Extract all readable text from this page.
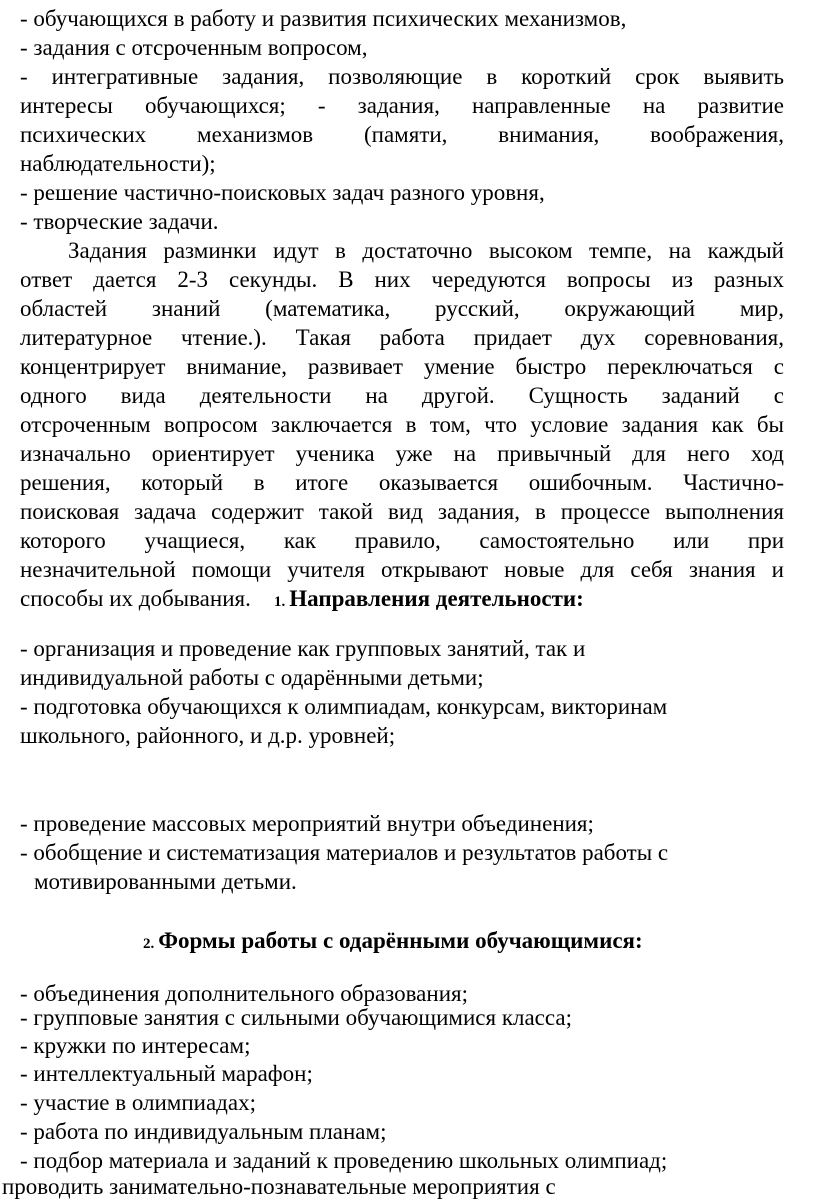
- обучающихся в работу и развития психических механизмов,
- задания с отсроченным вопросом,
- интегративные задания, позволяющие в короткий срок выявить
интересы обучающихся; - задания, направленные на развитие
психических механизмов (памяти, внимания, воображения,
наблюдательности);
- решение частично-поисковых задач разного уровня,
- творческие задачи.
Задания разминки идут в достаточно высоком темпе, на каждый
ответ дается 2-3 секунды. В них чередуются вопросы из разных
областей знаний (математика, русский, окружающий мир,
литературное чтение.). Такая работа придает дух соревнования,
концентрирует внимание, развивает умение быстро переключаться с
одного вида деятельности на другой. Сущность заданий с
отсроченным вопросом заключается в том, что условие задания как бы
изначально ориентирует ученика уже на привычный для него ход
решения, который в итоге оказывается ошибочным. Частично-
поисковая задача содержит такой вид задания, в процессе выполнения
которого учащиеся, как правило, самостоятельно или при
незначительной помощи учителя открывают новые для себя знания и
способы их добывания. 1. Направления деятельности:
- организация и проведение как групповых занятий, так и
индивидуальной работы с одарёнными детьми;
- подготовка обучающихся к олимпиадам, конкурсам, викторинам
школьного, районного, и д.р. уровней;
- проведение массовых мероприятий внутри объединения;
- обобщение и систематизация материалов и результатов работы с
мотивированными детьми.
2. Формы работы с одарёнными обучающимися:
- объединения дополнительного образования;
- групповые занятия с сильными обучающимися класса;
- кружки по интересам;
- интеллектуальный марафон;
- участие в олимпиадах;
- работа по индивидуальным планам;
- подбор материала и заданий к проведению школьных олимпиад;
проводить занимательно-познавательные мероприятия с
